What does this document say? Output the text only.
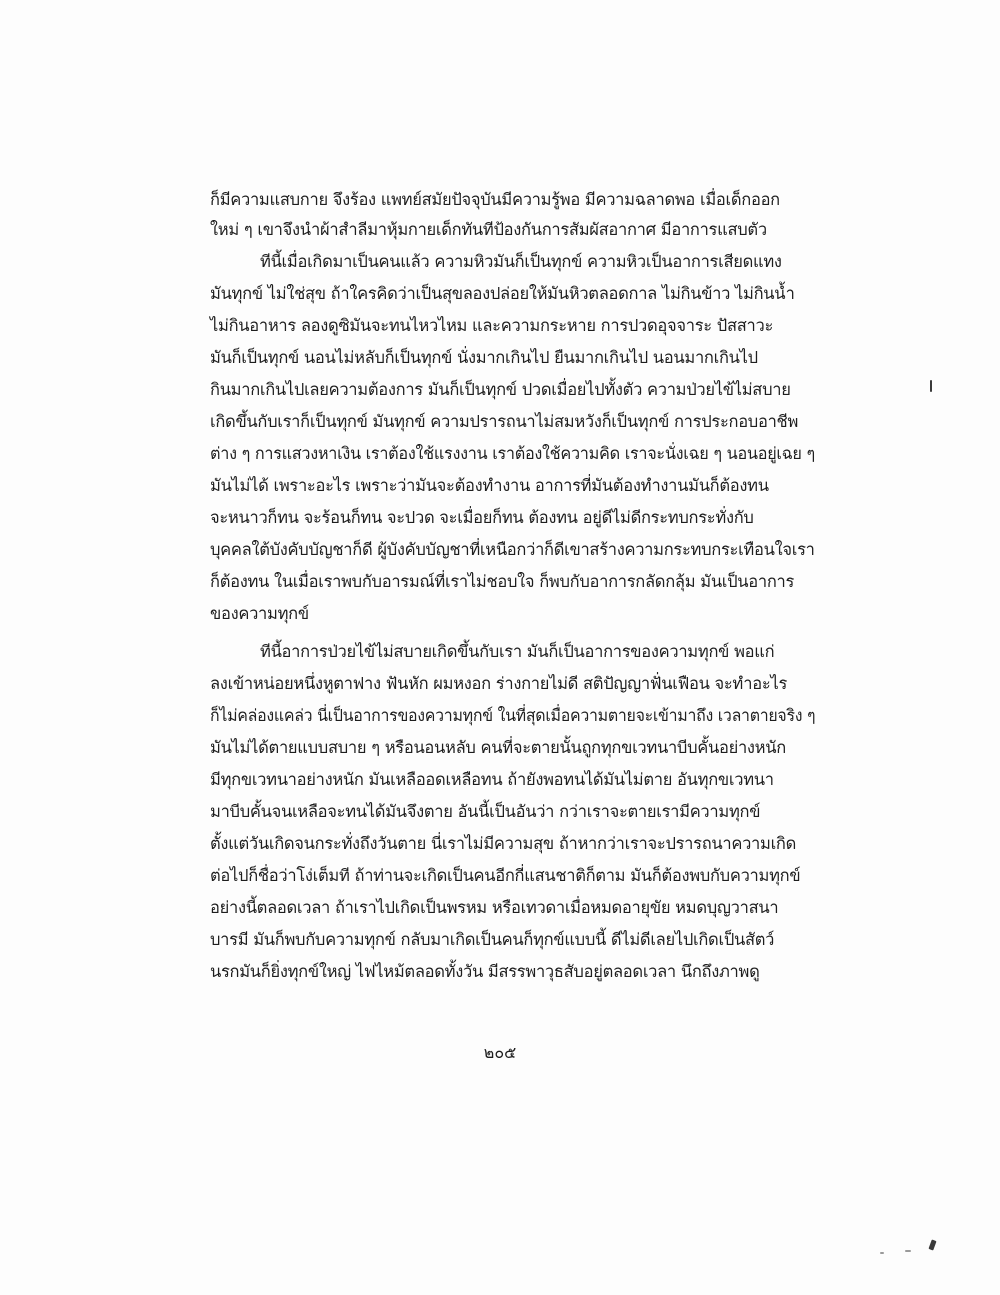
ก็มีความแสบกาย จึงร้อง แพทย์สมัยปัจจุบันมีความรู้พอ มีความฉลาดพอ เมื่อเด็กออก
ใหม่ ๆ เขาจึงนำผ้าสำลีมาหุ้มกายเด็กทันทีป้องกันการสัมผัสอากาศ มีอาการแสบตัว
ทีนี้เมื่อเกิดมาเป็นคนแล้ว ความหิวมันก็เป็นทุกข์ ความหิวเป็นอาการเสียดแทง
มันทุกข์ ไม่ใช่สุข ถ้าใครคิดว่าเป็นสุขลองปล่อยให้มันหิวตลอดกาล ไม่กินข้าว ไม่กินน้ำ
ไม่กินอาหาร ลองดูซิมันจะทนไหวไหม และความกระหาย การปวดอุจจาระ ปัสสาวะ
มันก็เป็นทุกข์ นอนไม่หลับก็เป็นทุกข์ นั่งมากเกินไป ยืนมากเกินไป นอนมากเกินไป
กินมากเกินไปเลยความต้องการ มันก็เป็นทุกข์ ปวดเมื่อยไปทั้งตัว ความป่วยไข้ไม่สบาย
เกิดขึ้นกับเราก็เป็นทุกข์ มันทุกข์ ความปรารถนาไม่สมหวังก็เป็นทุกข์ การประกอบอาชีพ
ต่าง ๆ การแสวงหาเงิน เราต้องใช้แรงงาน เราต้องใช้ความคิด เราจะนั่งเฉย ๆ นอนอยู่เฉย ๆ
มันไม่ได้ เพราะอะไร เพราะว่ามันจะต้องทำงาน อาการที่มันต้องทำงานมันก็ต้องทน
จะหนาวก็ทน จะร้อนก็ทน จะปวด จะเมื่อยก็ทน ต้องทน อยู่ดีไม่ดีกระทบกระทั่งกับ
บุคคลใต้บังคับบัญชาก็ดี ผู้บังคับบัญชาที่เหนือกว่าก็ดีเขาสร้างความกระทบกระเทือนใจเรา
ก็ต้องทน ในเมื่อเราพบกับอารมณ์ที่เราไม่ชอบใจ ก็พบกับอาการกลัดกลุ้ม มันเป็นอาการ
ของความทุกข์
ทีนี้อาการป่วยไข้ไม่สบายเกิดขึ้นกับเรา มันก็เป็นอาการของความทุกข์ พอแก่
ลงเข้าหน่อยหนึ่งหูตาฟาง ฟันหัก ผมหงอก ร่างกายไม่ดี สติปัญญาฟั่นเฟือน จะทำอะไร
ก็ไม่คล่องแคล่ว นี่เป็นอาการของความทุกข์ ในที่สุดเมื่อความตายจะเข้ามาถึง เวลาตายจริง ๆ
มันไม่ได้ตายแบบสบาย ๆ หรือนอนหลับ คนที่จะตายนั้นถูกทุกขเวทนาบีบคั้นอย่างหนัก
มีทุกขเวทนาอย่างหนัก มันเหลืออดเหลือทน ถ้ายังพอทนได้มันไม่ตาย อันทุกขเวทนา
มาบีบคั้นจนเหลือจะทนได้มันจึงตาย อันนี้เป็นอันว่า กว่าเราจะตายเรามีความทุกข์
ตั้งแต่วันเกิดจนกระทั่งถึงวันตาย นี่เราไม่มีความสุข ถ้าหากว่าเราจะปรารถนาความเกิด
ต่อไปก็ชื่อว่าโง่เต็มที ถ้าท่านจะเกิดเป็นคนอีกกี่แสนชาติก็ตาม มันก็ต้องพบกับความทุกข์
อย่างนี้ตลอดเวลา ถ้าเราไปเกิดเป็นพรหม หรือเทวดาเมื่อหมดอายุขัย หมดบุญวาสนา
บารมี มันก็พบกับความทุกข์ กลับมาเกิดเป็นคนก็ทุกข์แบบนี้ ดีไม่ดีเลยไปเกิดเป็นสัตว์
นรกมันก็ยิ่งทุกข์ใหญ่ ไฟไหม้ตลอดทั้งวัน มีสรรพาวุธสับอยู่ตลอดเวลา นึกถึงภาพดู
๒๐๕
